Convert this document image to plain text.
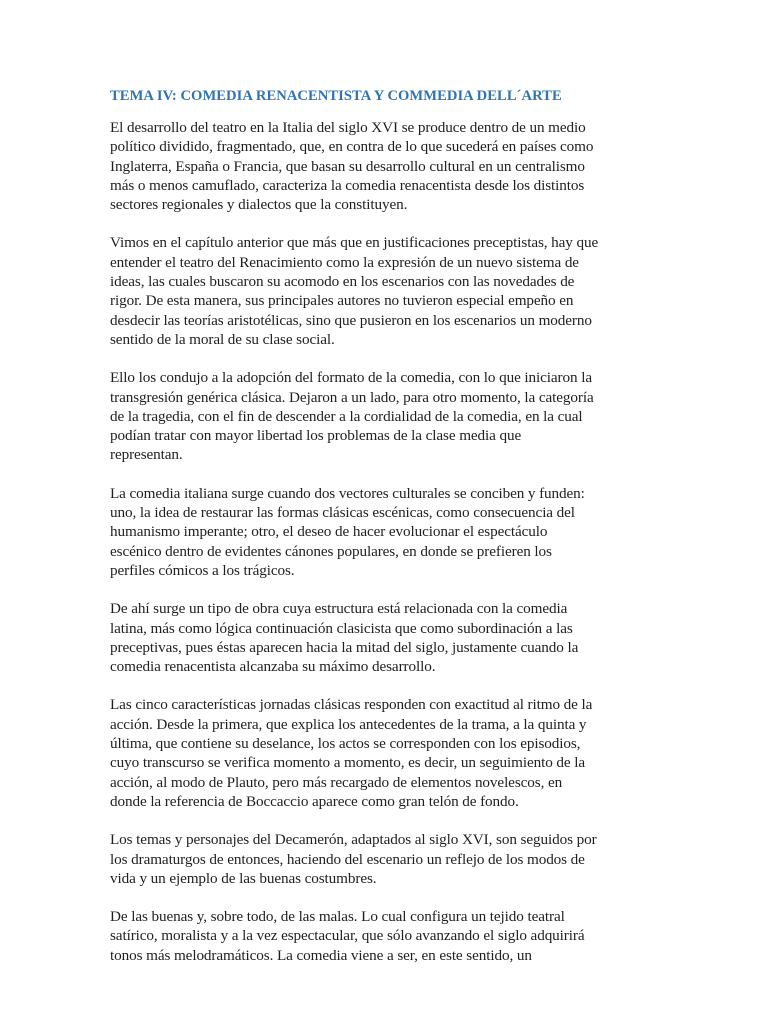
TEMA IV: COMEDIA RENACENTISTA Y COMMEDIA DELL´ARTE

El desarrollo del teatro en la Italia del siglo XVI se produce dentro de un medio
político dividido, fragmentado, que, en contra de lo que sucederá en países como
Inglaterra, España o Francia, que basan su desarrollo cultural en un centralismo
más o menos camuflado, caracteriza la comedia renacentista desde los distintos
sectores regionales y dialectos que la constituyen.

Vimos en el capítulo anterior que más que en justificaciones preceptistas, hay que
entender el teatro del Renacimiento como la expresión de un nuevo sistema de
ideas, las cuales buscaron su acomodo en los escenarios con las novedades de
rigor. De esta manera, sus principales autores no tuvieron especial empeño en
desdecir las teorías aristotélicas, sino que pusieron en los escenarios un moderno
sentido de la moral de su clase social.

Ello los condujo a la adopción del formato de la comedia, con lo que iniciaron la
transgresión genérica clásica. Dejaron a un lado, para otro momento, la categoría
de la tragedia, con el fin de descender a la cordialidad de la comedia, en la cual
podían tratar con mayor libertad los problemas de la clase media que
representan.

La comedia italiana surge cuando dos vectores culturales se conciben y funden:
uno, la idea de restaurar las formas clásicas escénicas, como consecuencia del
humanismo imperante; otro, el deseo de hacer evolucionar el espectáculo
escénico dentro de evidentes cánones populares, en donde se prefieren los
perfiles cómicos a los trágicos.

De ahí surge un tipo de obra cuya estructura está relacionada con la comedia
latina, más como lógica continuación clasicista que como subordinación a las
preceptivas, pues éstas aparecen hacia la mitad del siglo, justamente cuando la
comedia renacentista alcanzaba su máximo desarrollo.

Las cinco características jornadas clásicas responden con exactitud al ritmo de la
acción. Desde la primera, que explica los antecedentes de la trama, a la quinta y
última, que contiene su deselance, los actos se corresponden con los episodios,
cuyo transcurso se verifica momento a momento, es decir, un seguimiento de la
acción, al modo de Plauto, pero más recargado de elementos novelescos, en
donde la referencia de Boccaccio aparece como gran telón de fondo.

Los temas y personajes del Decamerón, adaptados al siglo XVI, son seguidos por
los dramaturgos de entonces, haciendo del escenario un reflejo de los modos de
vida y un ejemplo de las buenas costumbres.

De las buenas y, sobre todo, de las malas. Lo cual configura un tejido teatral
satírico, moralista y a la vez espectacular, que sólo avanzando el siglo adquirirá
tonos más melodramáticos. La comedia viene a ser, en este sentido, un
